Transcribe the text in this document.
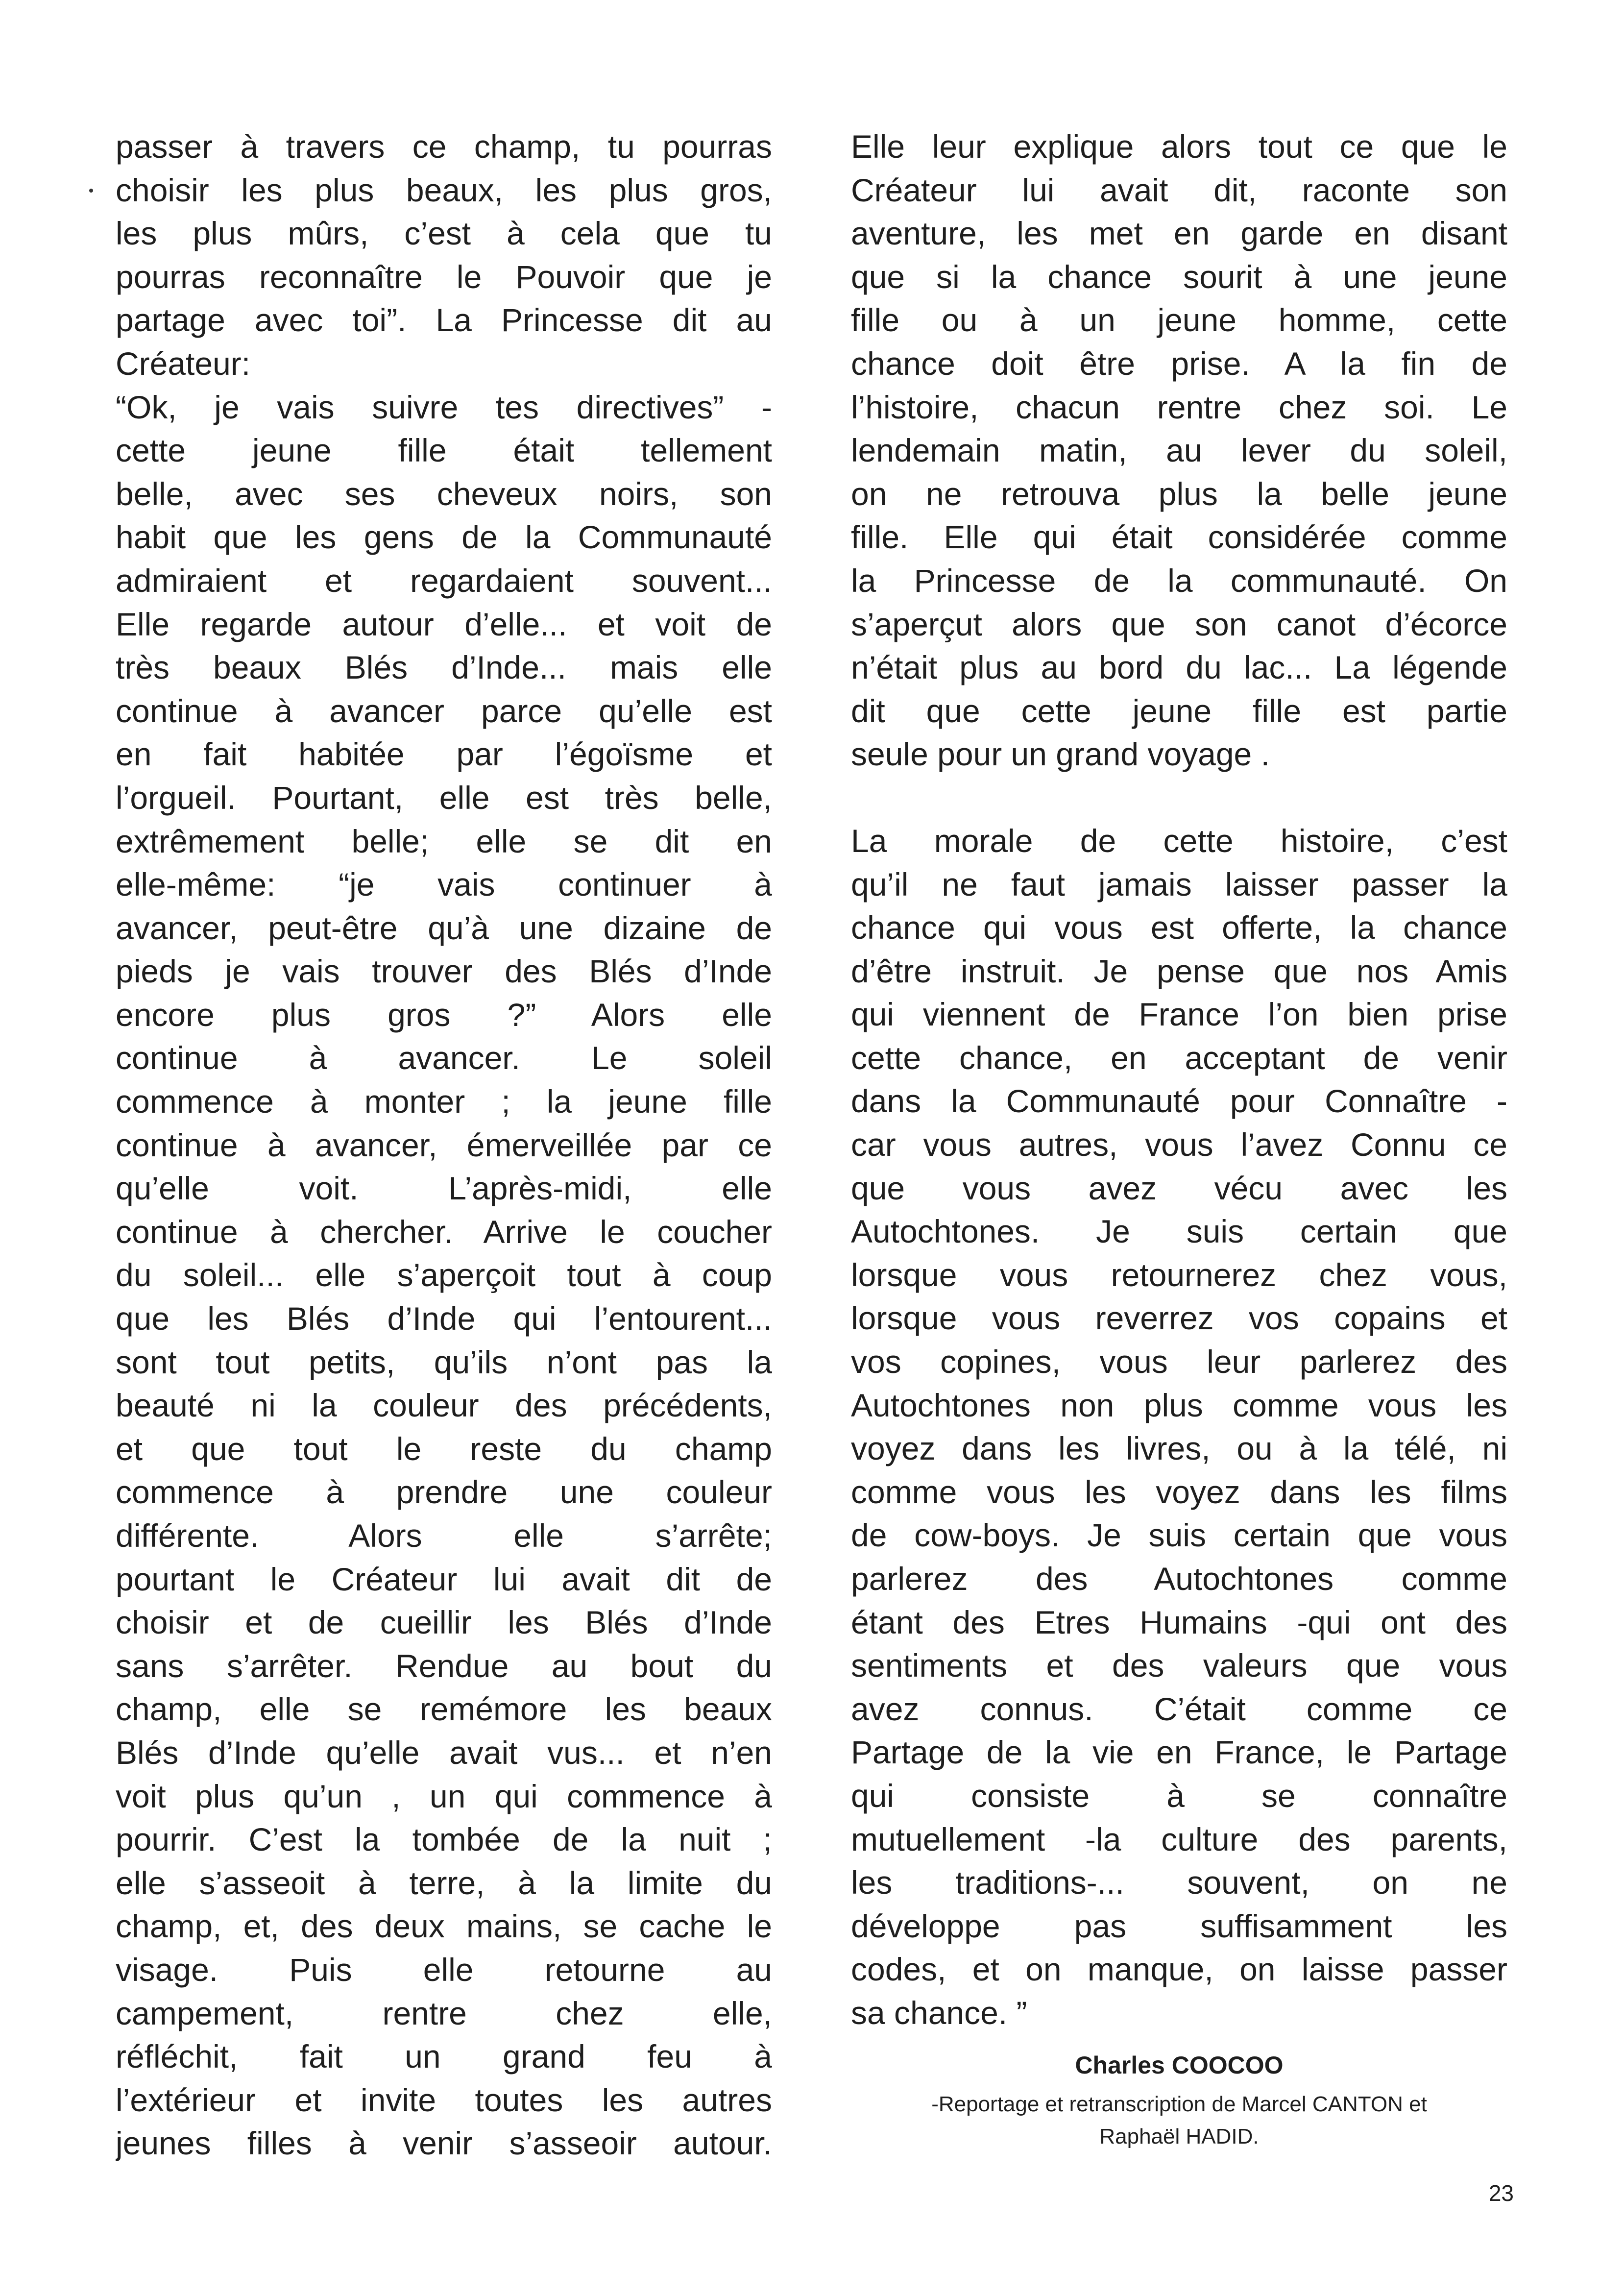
passer à travers ce champ, tu pourras
choisir les plus beaux, les plus gros,
les plus mûrs, c’est à cela que tu
pourras reconnaître le Pouvoir que je
partage avec toi”. La Princesse dit au
Créateur:
“Ok, je vais suivre tes directives” -
cette jeune fille était tellement
belle, avec ses cheveux noirs, son
habit que les gens de la Communauté
admiraient et regardaient souvent...
Elle regarde autour d’elle... et voit de
très beaux Blés d’Inde... mais elle
continue à avancer parce qu’elle est
en fait habitée par l’égoïsme et
l’orgueil. Pourtant, elle est très belle,
extrêmement belle; elle se dit en
elle-même: “je vais continuer à
avancer, peut-être qu’à une dizaine de
pieds je vais trouver des Blés d’Inde
encore plus gros ?” Alors elle
continue à avancer. Le soleil
commence à monter ; la jeune fille
continue à avancer, émerveillée par ce
qu’elle voit. L’après-midi, elle
continue à chercher. Arrive le coucher
du soleil... elle s’aperçoit tout à coup
que les Blés d’Inde qui l’entourent...
sont tout petits, qu’ils n’ont pas la
beauté ni la couleur des précédents,
et que tout le reste du champ
commence à prendre une couleur
différente. Alors elle s’arrête;
pourtant le Créateur lui avait dit de
choisir et de cueillir les Blés d’Inde
sans s’arrêter. Rendue au bout du
champ, elle se remémore les beaux
Blés d’Inde qu’elle avait vus... et n’en
voit plus qu’un , un qui commence à
pourrir. C’est la tombée de la nuit ;
elle s’asseoit à terre, à la limite du
champ, et, des deux mains, se cache le
visage. Puis elle retourne au
campement, rentre chez elle,
réfléchit, fait un grand feu à
l’extérieur et invite toutes les autres
jeunes filles à venir s’asseoir autour.
Elle leur explique alors tout ce que le
Créateur lui avait dit, raconte son
aventure, les met en garde en disant
que si la chance sourit à une jeune
fille ou à un jeune homme, cette
chance doit être prise. A la fin de
l’histoire, chacun rentre chez soi. Le
lendemain matin, au lever du soleil,
on ne retrouva plus la belle jeune
fille. Elle qui était considérée comme
la Princesse de la communauté. On
s’aperçut alors que son canot d’écorce
n’était plus au bord du lac... La légende
dit que cette jeune fille est partie
seule pour un grand voyage .
La morale de cette histoire, c’est
qu’il ne faut jamais laisser passer la
chance qui vous est offerte, la chance
d’être instruit. Je pense que nos Amis
qui viennent de France l’on bien prise
cette chance, en acceptant de venir
dans la Communauté pour Connaître -
car vous autres, vous l’avez Connu ce
que vous avez vécu avec les
Autochtones. Je suis certain que
lorsque vous retournerez chez vous,
lorsque vous reverrez vos copains et
vos copines, vous leur parlerez des
Autochtones non plus comme vous les
voyez dans les livres, ou à la télé, ni
comme vous les voyez dans les films
de cow-boys. Je suis certain que vous
parlerez des Autochtones comme
étant des Etres Humains -qui ont des
sentiments et des valeurs que vous
avez connus. C’était comme ce
Partage de la vie en France, le Partage
qui consiste à se connaître
mutuellement -la culture des parents,
les traditions-... souvent, on ne
développe pas suffisamment les
codes, et on manque, on laisse passer
sa chance. ”
Charles COOCOO
-Reportage et retranscription de Marcel CANTON et
Raphaël HADID.
23
